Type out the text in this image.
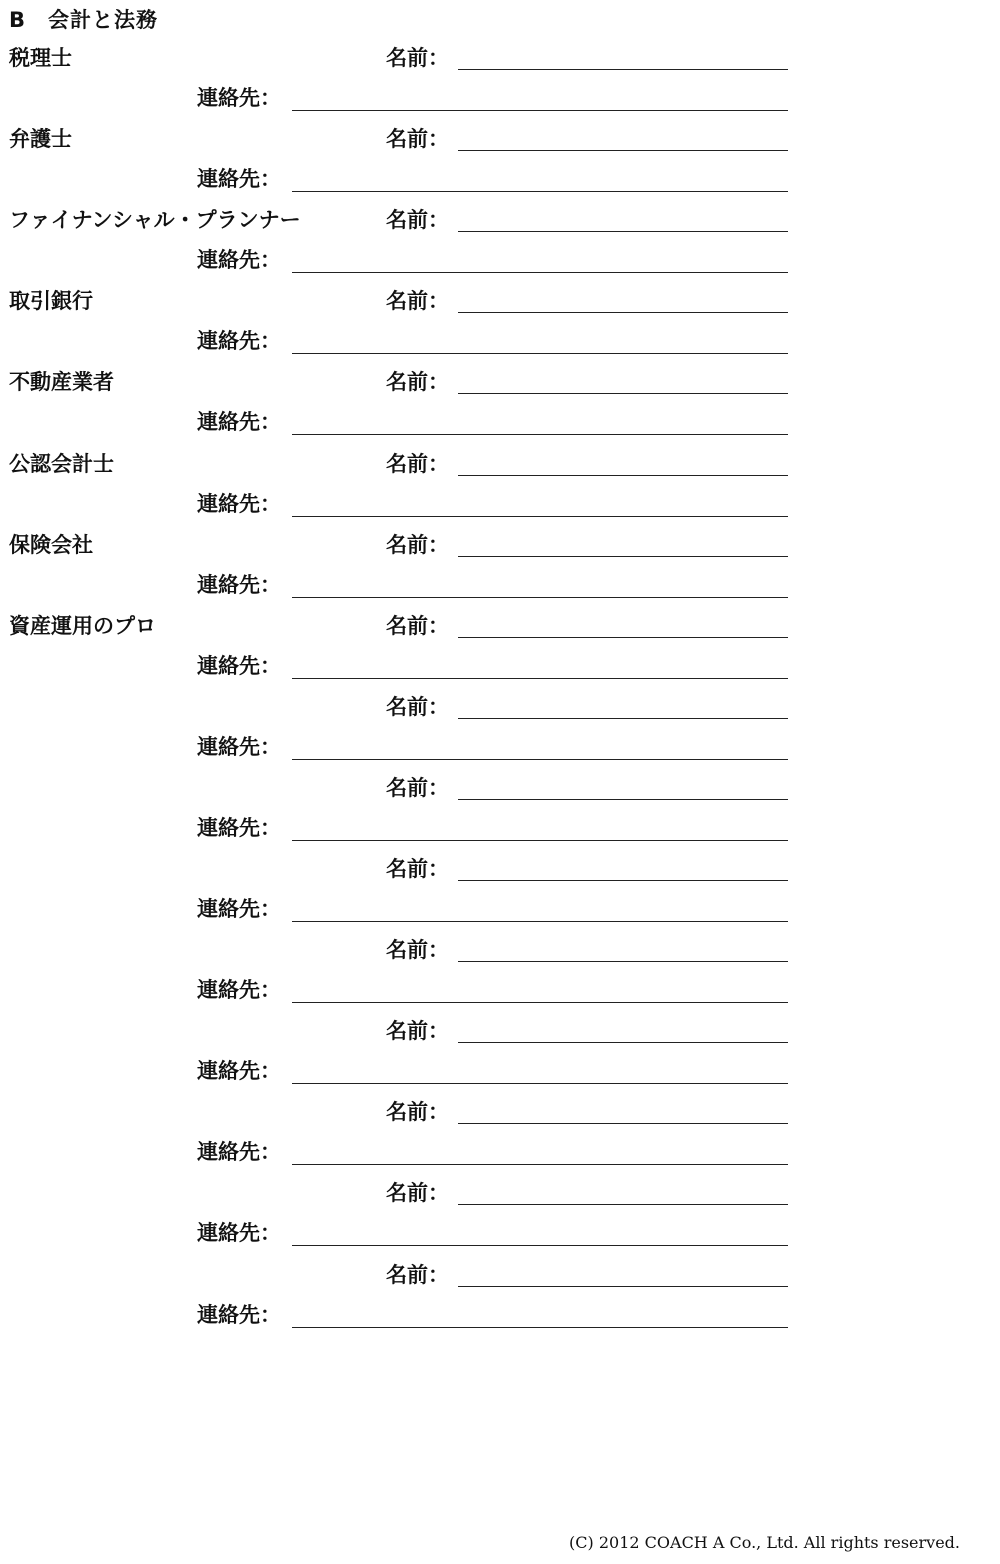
B　会計と法務
税理士	名前：
連絡先：
弁護士	名前：
連絡先：
ファイナンシャル・プランナー	名前：
連絡先：
取引銀行	名前：
連絡先：
不動産業者	名前：
連絡先：
公認会計士	名前：
連絡先：
保険会社	名前：
連絡先：
資産運用のプロ	名前：
連絡先：
名前：
連絡先：
名前：
連絡先：
名前：
連絡先：
名前：
連絡先：
名前：
連絡先：
名前：
連絡先：
名前：
連絡先：
名前：
連絡先：
(C) 2012 COACH A Co., Ltd. All rights reserved.
